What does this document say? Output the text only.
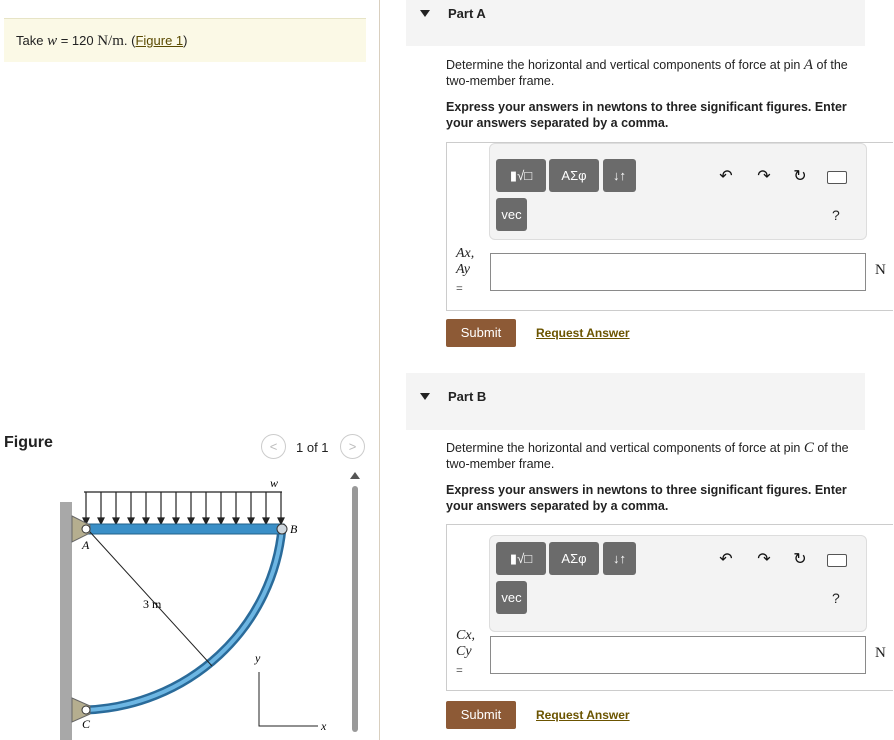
Take w = 120 N/m. (Figure 1)
Figure	<	1 of 1	>
w
A
B
C
3 m
y
x
Part A
Determine the horizontal and vertical components of force at pin A of the two-member frame.
Express your answers in newtons to three significant figures. Enter your answers separated by a comma.
▮√□	ΑΣφ	↓↑
vec
↶ ↷ ↻
?
Ax,
Ay
=
N
Submit	Request Answer
Part B
Determine the horizontal and vertical components of force at pin C of the two-member frame.
Express your answers in newtons to three significant figures. Enter your answers separated by a comma.
▮√□	ΑΣφ	↓↑
vec
↶ ↷ ↻
?
Cx,
Cy
=
N
Submit	Request Answer
